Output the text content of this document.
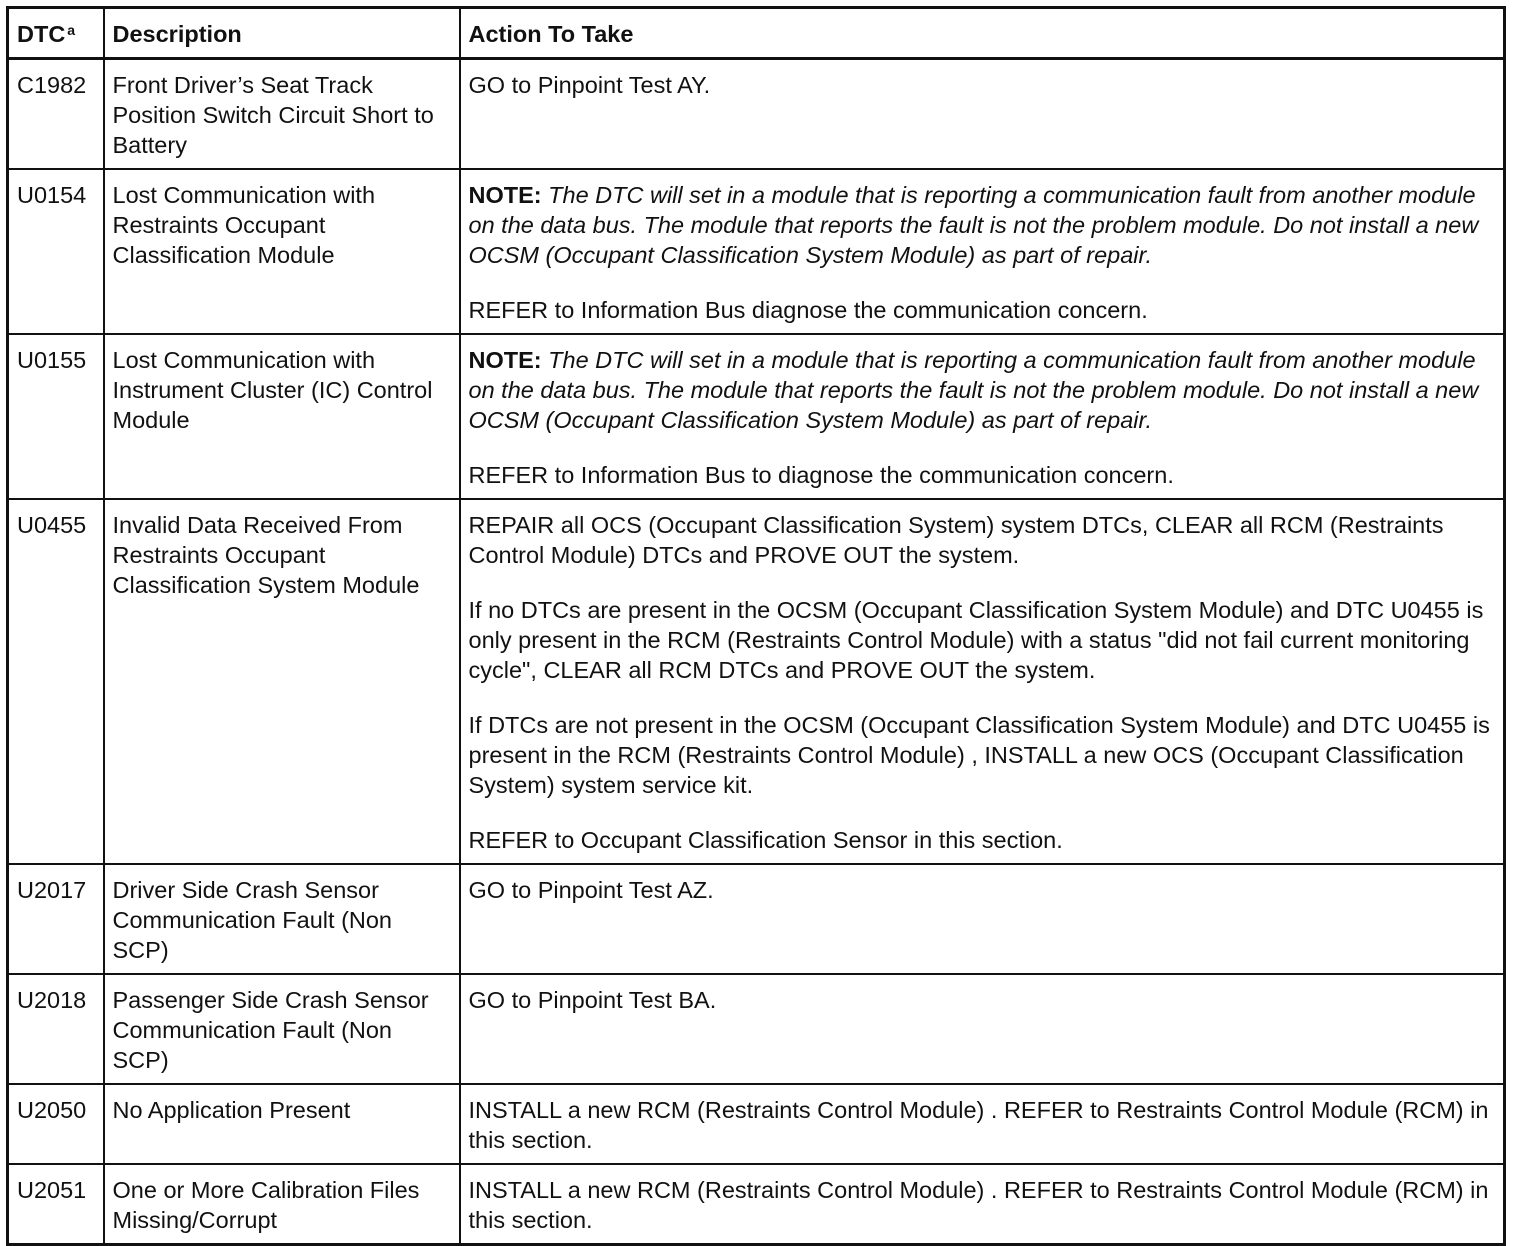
DTC $^a$	Description	Action To Take
C1982	Front Driver’s Seat Track Position Switch Circuit Short to Battery	GO to Pinpoint Test AY.

U0154	Lost Communication with Restraints Occupant Classification Module	NOTE: The DTC will set in a module that is reporting a communication fault from another module on the data bus. The module that reports the fault is not the problem module. Do not install a new OCSM (Occupant Classification System Module) as part of repair.

REFER to Information Bus diagnose the communication concern.

U0155	Lost Communication with Instrument Cluster (IC) Control Module	NOTE: The DTC will set in a module that is reporting a communication fault from another module on the data bus. The module that reports the fault is not the problem module. Do not install a new OCSM (Occupant Classification System Module) as part of repair.

REFER to Information Bus to diagnose the communication concern.

U0455	Invalid Data Received From Restraints Occupant Classification System Module	REPAIR all OCS (Occupant Classification System) system DTCs, CLEAR all RCM (Restraints Control Module) DTCs and PROVE OUT the system.

If no DTCs are present in the OCSM (Occupant Classification System Module) and DTC U0455 is only present in the RCM (Restraints Control Module) with a status "did not fail current monitoring cycle", CLEAR all RCM DTCs and PROVE OUT the system.

If DTCs are not present in the OCSM (Occupant Classification System Module) and DTC U0455 is present in the RCM (Restraints Control Module) , INSTALL a new OCS (Occupant Classification System) system service kit.

REFER to Occupant Classification Sensor in this section.

U2017	Driver Side Crash Sensor Communication Fault (Non SCP)	GO to Pinpoint Test AZ.

U2018	Passenger Side Crash Sensor Communication Fault (Non SCP)	GO to Pinpoint Test BA.

U2050	No Application Present	INSTALL a new RCM (Restraints Control Module) . REFER to Restraints Control Module (RCM) in this section.

U2051	One or More Calibration Files Missing/Corrupt	INSTALL a new RCM (Restraints Control Module) . REFER to Restraints Control Module (RCM) in this section.
